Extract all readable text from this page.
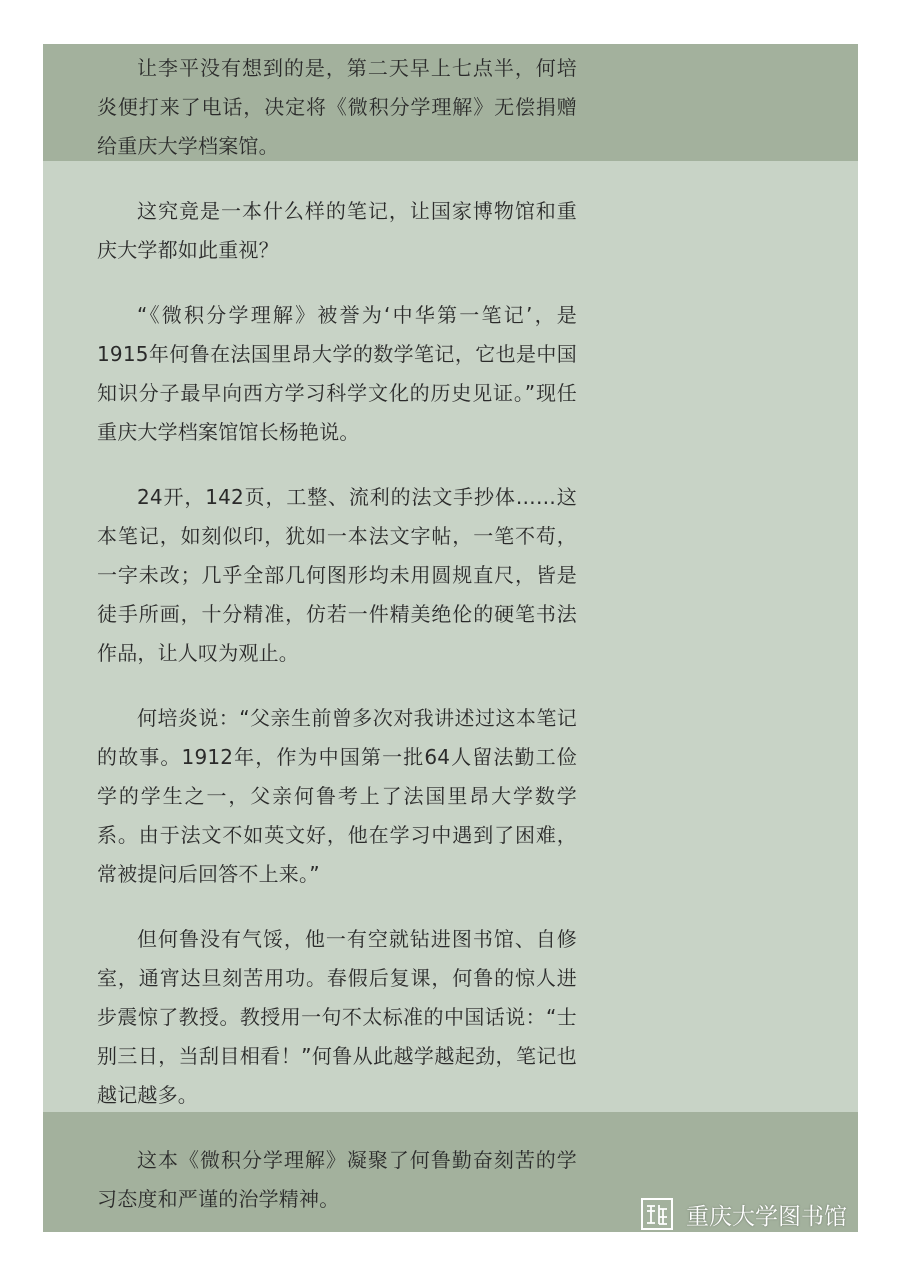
让李平没有想到的是，第二天早上七点半，何培炎便打来了电话，决定将《微积分学理解》无偿捐赠给重庆大学档案馆。

这究竟是一本什么样的笔记，让国家博物馆和重庆大学都如此重视？

“《微积分学理解》被誉为‘中华第一笔记’，是1915年何鲁在法国里昂大学的数学笔记，它也是中国知识分子最早向西方学习科学文化的历史见证。”现任重庆大学档案馆馆长杨艳说。

24开，142页，工整、流利的法文手抄体……这本笔记，如刻似印，犹如一本法文字帖，一笔不苟，一字未改；几乎全部几何图形均未用圆规直尺，皆是徒手所画，十分精准，仿若一件精美绝伦的硬笔书法作品，让人叹为观止。

何培炎说：“父亲生前曾多次对我讲述过这本笔记的故事。1912年，作为中国第一批64人留法勤工俭学的学生之一，父亲何鲁考上了法国里昂大学数学系。由于法文不如英文好，他在学习中遇到了困难，常被提问后回答不上来。”

但何鲁没有气馁，他一有空就钻进图书馆、自修室，通宵达旦刻苦用功。春假后复课，何鲁的惊人进步震惊了教授。教授用一句不太标准的中国话说：“士别三日，当刮目相看！”何鲁从此越学越起劲，笔记也越记越多。

这本《微积分学理解》凝聚了何鲁勤奋刻苦的学习态度和严谨的治学精神。

重庆大学图书馆
